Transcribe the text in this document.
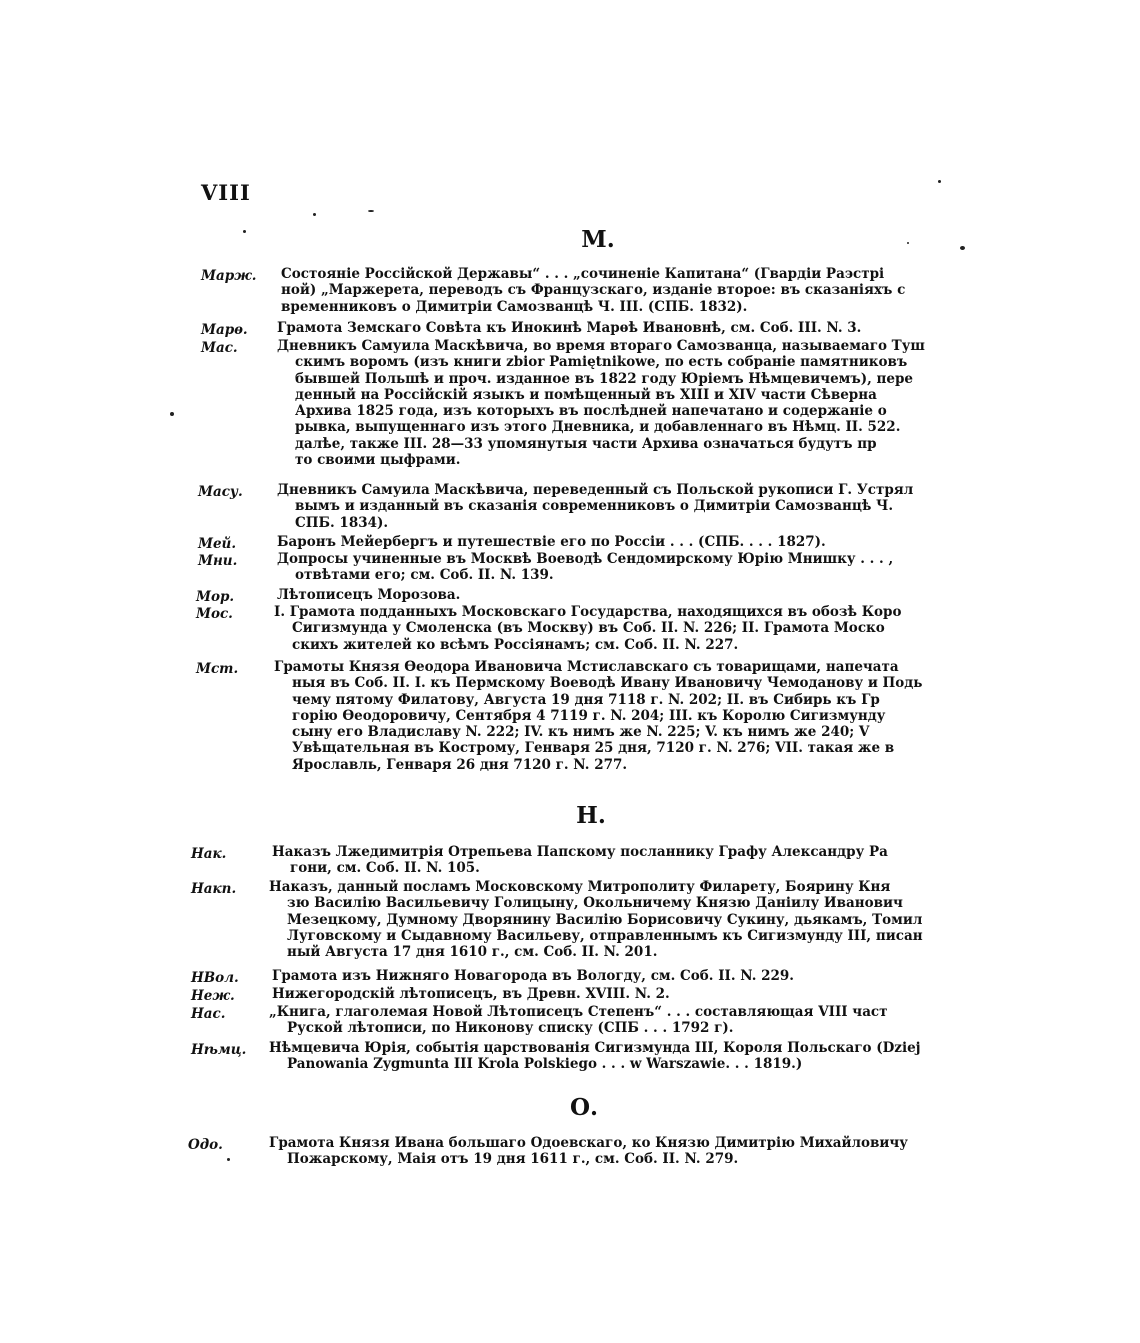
VIII
М.
Марж. Состояніе Россійской Державы“ . . . „сочиненіе Капитана“ (Гвардіи Раэстрі
ной) „Маржерета, переводъ съ Французскаго, изданіе второе: въ сказаніяхъ с
временниковъ о Димитріи Самозванцѣ Ч. III. (СПБ. 1832).
Марѳ. Грамота Земскаго Совѣта къ Инокинѣ Марѳѣ Ивановнѣ, см. Соб. III. N. 3.
Мас.	Дневникъ Самуила Маскѣвича, во время втораго Самозванца, называемаго Туш
скимъ воромъ (изъ книги zbior Pamiętnikowe, по есть собраніе памятниковъ
бывшей Польшѣ и проч. изданное въ 1822 году Юріемъ Нѣмцевичемъ), пере
денный на Россійскій языкъ и помѣщенный въ XIII и XIV части Сѣверна
Архива 1825 года, изъ которыхъ въ послѣдней напечатано и содержаніе о
рывка, выпущеннаго изъ этого Дневника, и добавленнаго въ Нѣмц. II. 522.
далѣе, также III. 28—33 упомянутыя части Архива означаться будутъ пр
то своими цыфрами.
Масу.	Дневникъ Самуила Маскѣвича, переведенный съ Польской рукописи Г. Устрял
вымъ и изданный въ сказанія современниковъ о Димитріи Самозванцѣ Ч.
СПБ. 1834).
Мей.	Баронъ Мейербергъ и путешествіе его по Россіи . . . (СПБ. . . . 1827).
Мни.	Допросы учиненные въ Москвѣ Воеводѣ Сендомирскому Юрію Мнишку . . . ,
отвѣтами его; см. Соб. II. N. 139.
Мор.	Лѣтописецъ Морозова.
Мос.	I. Грамота подданныхъ Московскаго Государства, находящихся въ обозѣ Коро
Сигизмунда у Смоленска (въ Москву) въ Соб. II. N. 226; II. Грамота Моско
скихъ жителей ко всѣмъ Россіянамъ; см. Соб. II. N. 227.
Мст.	Грамоты Князя Ѳеодора Ивановича Мстиславскаго съ товарищами, напечата
ныя въ Соб. II. I. къ Пермскому Воеводѣ Ивану Ивановичу Чемоданову и Подь
чему пятому Филатову, Августа 19 дня 7118 г. N. 202; II. въ Сибирь къ Гр
горію Ѳеодоровичу, Сентября 4 7119 г. N. 204; III. къ Королю Сигизмунду
сыну его Владиславу N. 222; IV. къ нимъ же N. 225; V. къ нимъ же 240; V
Увѣщательная въ Кострому, Генваря 25 дня, 7120 г. N. 276; VII. такая же в
Ярославль, Генваря 26 дня 7120 г. N. 277.
Н.
Нак.	Наказъ Лжедимитрія Отрепьева Папскому посланнику Графу Александру Ра
гони, см. Соб. II. N. 105.
Накп. Наказъ, данный посламъ Московскому Митрополиту Филарету, Боярину Кня
зю Василію Васильевичу Голицыну, Окольничему Князю Данiилу Иванович
Мезецкому, Думному Дворянину Василію Борисовичу Сукину, дьякамъ, Томил
Луговскому и Сыдавному Васильеву, отправленнымъ къ Сигизмунду III, писан
ный Августа 17 дня 1610 г., см. Соб. II. N. 201.
НВол. Грамота изъ Нижняго Новагорода въ Вологду, см. Соб. II. N. 229.
Неж.	Нижегородскій лѣтописецъ, въ Древн. XVIII. N. 2.
Нас.	„Книга, глаголемая Новой Лѣтописецъ Степенъ“ . . . составляющая VIII част
Руской лѣтописи, по Никонову списку (СПБ . . . 1792 г).
Нѣмц. Нѣмцевича Юрія, событія царствованія Сигизмунда III, Короля Польскаго (Dziej
Panowania Zygmunta III Krola Polskiego . . . w Warszawie. . . 1819.)
О.
Одо.	Грамота Князя Ивана большаго Одоевскаго, ко Князю Димитрію Михайловичу
Пожарскому, Маія отъ 19 дня 1611 г., см. Соб. II. N. 279.
